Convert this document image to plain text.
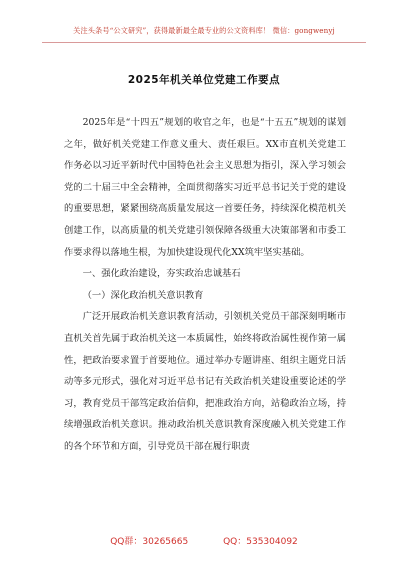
关注头条号“公文研究”，获得最新最全最专业的公文资料库！ 微信：gongwenyj
2025年机关单位党建工作要点

2025年是“十四五”规划的收官之年，也是“十五五”规划的谋划之年，做好机关党建工作意义重大、责任艰巨。XX市直机关党建工作务必以习近平新时代中国特色社会主义思想为指引，深入学习领会党的二十届三中全会精神，全面贯彻落实习近平总书记关于党的建设的重要思想，紧紧围绕高质量发展这一首要任务，持续深化模范机关创建工作，以高质量的机关党建引领保障各级重大决策部署和市委工作要求得以落地生根，为加快建设现代化XX筑牢坚实基础。

一、强化政治建设，夯实政治忠诚基石

（一）深化政治机关意识教育

广泛开展政治机关意识教育活动，引领机关党员干部深刻明晰市直机关首先属于政治机关这一本质属性，始终将政治属性视作第一属性，把政治要求置于首要地位。通过举办专题讲座、组织主题党日活动等多元形式，强化对习近平总书记有关政治机关建设重要论述的学习，教育党员干部笃定政治信仰，把准政治方向，站稳政治立场，持续增强政治机关意识。推动政治机关意识教育深度融入机关党建工作的各个环节和方面，引导党员干部在履行职责

QQ群：30265665	QQ：535304092
